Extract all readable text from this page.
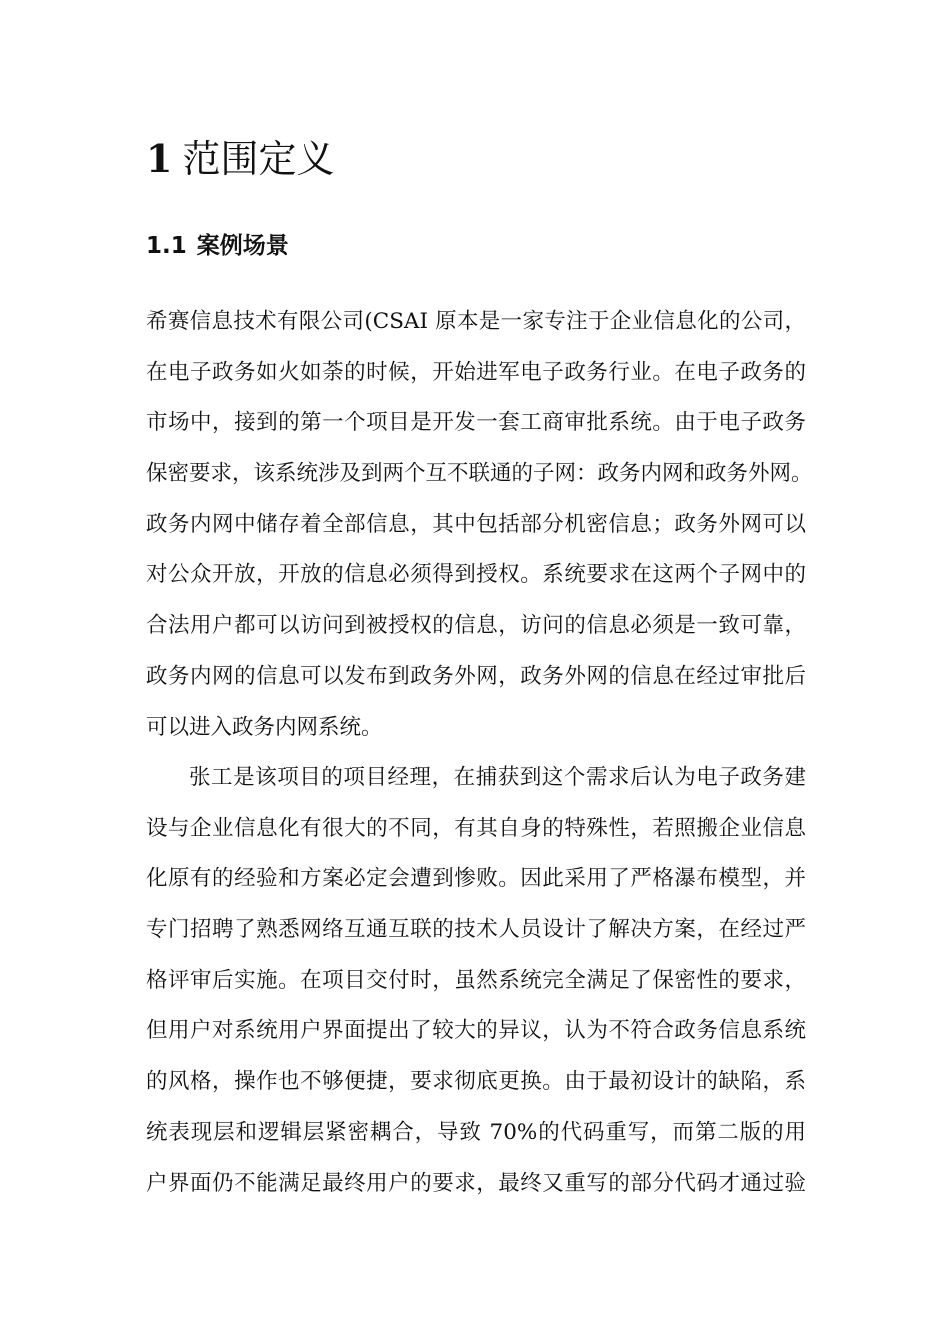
1 范围定义
1.1 案例场景
希赛信息技术有限公司(CSAI 原本是一家专注于企业信息化的公司，
在电子政务如火如荼的时候，开始进军电子政务行业。在电子政务的
市场中，接到的第一个项目是开发一套工商审批系统。由于电子政务
保密要求，该系统涉及到两个互不联通的子网：政务内网和政务外网。
政务内网中储存着全部信息，其中包括部分机密信息；政务外网可以
对公众开放，开放的信息必须得到授权。系统要求在这两个子网中的
合法用户都可以访问到被授权的信息，访问的信息必须是一致可靠，
政务内网的信息可以发布到政务外网，政务外网的信息在经过审批后
可以进入政务内网系统。
张工是该项目的项目经理，在捕获到这个需求后认为电子政务建
设与企业信息化有很大的不同，有其自身的特殊性，若照搬企业信息
化原有的经验和方案必定会遭到惨败。因此采用了严格瀑布模型，并
专门招聘了熟悉网络互通互联的技术人员设计了解决方案，在经过严
格评审后实施。在项目交付时，虽然系统完全满足了保密性的要求，
但用户对系统用户界面提出了较大的异议，认为不符合政务信息系统
的风格，操作也不够便捷，要求彻底更换。由于最初设计的缺陷，系
统表现层和逻辑层紧密耦合，导致 70%的代码重写，而第二版的用
户界面仍不能满足最终用户的要求，最终又重写的部分代码才通过验
